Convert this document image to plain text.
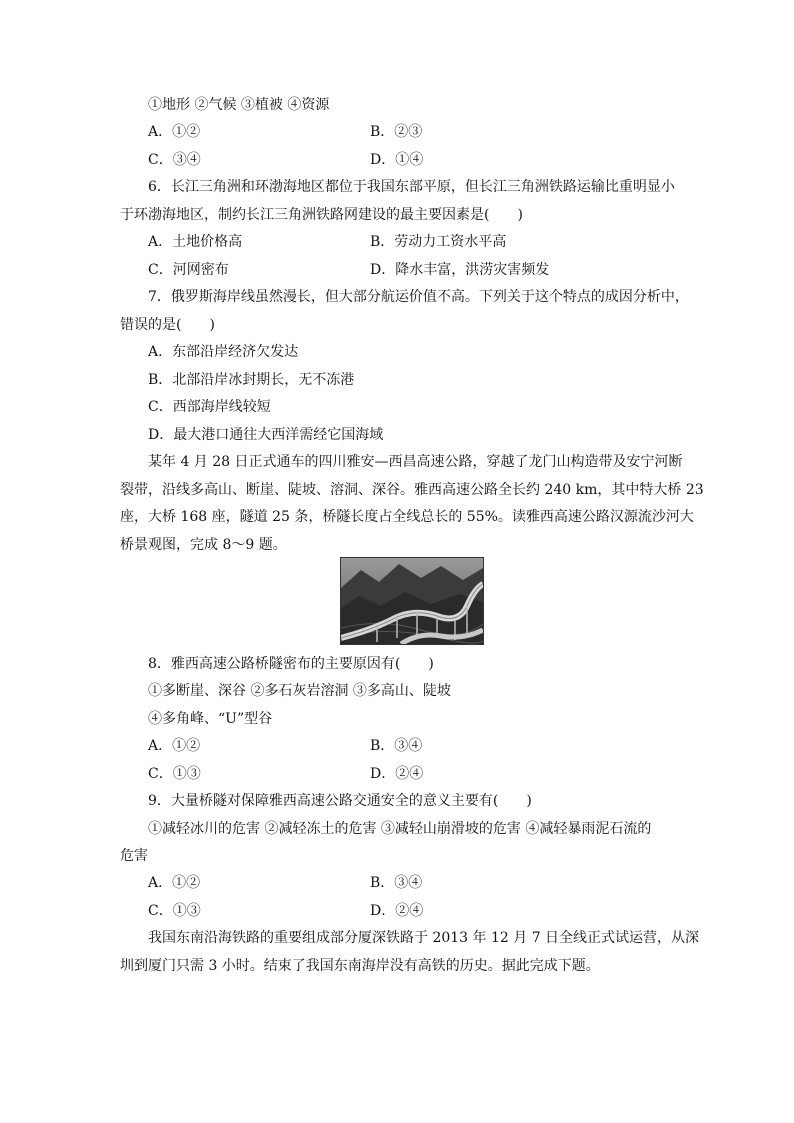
①地形 ②气候 ③植被 ④资源
A．①②	B．②③
C．③④	D．①④
6．长江三角洲和环渤海地区都位于我国东部平原，但长江三角洲铁路运输比重明显小
于环渤海地区，制约长江三角洲铁路网建设的最主要因素是(　　)
A．土地价格高	B．劳动力工资水平高
C．河网密布	D．降水丰富，洪涝灾害频发
7．俄罗斯海岸线虽然漫长，但大部分航运价值不高。下列关于这个特点的成因分析中，
错误的是(　　)
A．东部沿岸经济欠发达
B．北部沿岸冰封期长，无不冻港
C．西部海岸线较短
D．最大港口通往大西洋需经它国海域
某年 4 月 28 日正式通车的四川雅安—西昌高速公路，穿越了龙门山构造带及安宁河断
裂带，沿线多高山、断崖、陡坡、溶洞、深谷。雅西高速公路全长约 240 km，其中特大桥 23
座，大桥 168 座，隧道 25 条，桥隧长度占全线总长的 55%。读雅西高速公路汉源流沙河大
桥景观图，完成 8～9 题。
8．雅西高速公路桥隧密布的主要原因有(　　)
①多断崖、深谷 ②多石灰岩溶洞 ③多高山、陡坡
④多角峰、“U”型谷
A．①②	B．③④
C．①③	D．②④
9．大量桥隧对保障雅西高速公路交通安全的意义主要有(　　)
①减轻冰川的危害 ②减轻冻土的危害 ③减轻山崩滑坡的危害 ④减轻暴雨泥石流的
危害
A．①②	B．③④
C．①③	D．②④
我国东南沿海铁路的重要组成部分厦深铁路于 2013 年 12 月 7 日全线正式试运营，从深
圳到厦门只需 3 小时。结束了我国东南海岸没有高铁的历史。据此完成下题。
